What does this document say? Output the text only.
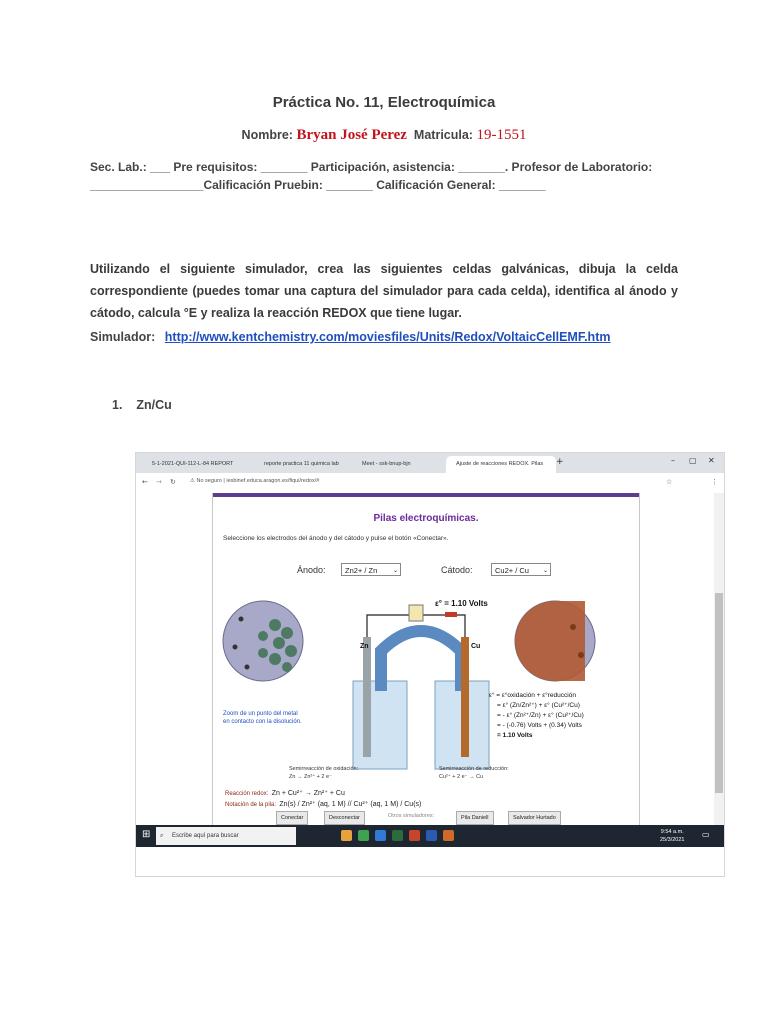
Práctica No. 11, Electroquímica
Nombre: Bryan José Perez Matricula: 19-1551
Sec. Lab.: ___ Pre requisitos: _______ Participación, asistencia: _______. Profesor de Laboratorio:
_________________Calificación Pruebin: _______ Calificación General: _______
Utilizando el siguiente simulador, crea las siguientes celdas galvánicas, dibuja la celda correspondiente (puedes tomar una captura del simulador para cada celda), identifica al ánodo y cátodo, calcula °E y realiza la reacción REDOX que tiene lugar.
Simulador: http://www.kentchemistry.com/moviesfiles/Units/Redox/VoltaicCellEMF.htm
1. Zn/Cu
5-1-2021-QUI-112-L-84 REPORT	reporte practica 11 quimica lab	Meet - ssk-bnup-bjn	Ajuste de reacciones REDOX. Pilas	+	– ▢ ✕
← → ↻	⚠ No seguro | iesbinef.educa.aragon.es/fiqui/redox/#	☆	⋮
Pilas electroquímicas.
Seleccione los electrodos del ánodo y del cátodo y pulse el botón «Conectar».
Ánodo:	Zn2+ / Zn	⌄	Cátodo:	Cu2+ / Cu ⌄
ε° = 1.10 Volts
Zn	Cu
Zoom de un punto del metal en contacto con la disolución.
ε° = ε°oxidación + ε°reducción
= ε° (Zn/Zn²⁺) + ε° (Cu²⁺/Cu)
= - ε° (Zn²⁺/Zn) + ε° (Cu²⁺/Cu)
= - (-0.76) Volts + (0.34) Volts
= 1.10 Volts
Semirreacción de oxidación:
Zn → Zn²⁺ + 2 e⁻
Semirreacción de reducción:
Cu²⁺ + 2 e⁻ → Cu
Reacción redox: Zn + Cu²⁺ → Zn²⁺ + Cu
Notación de la pila: Zn(s) / Zn²⁺ (aq, 1 M) // Cu²⁺ (aq, 1 M) / Cu(s)
Conectar	Desconectar	Otros simuladores:	Pila Daniell	Salvador Hurtado
⊞ ⌕ Escribe aquí para buscar
9:54 a.m.
25/3/2021
▭
